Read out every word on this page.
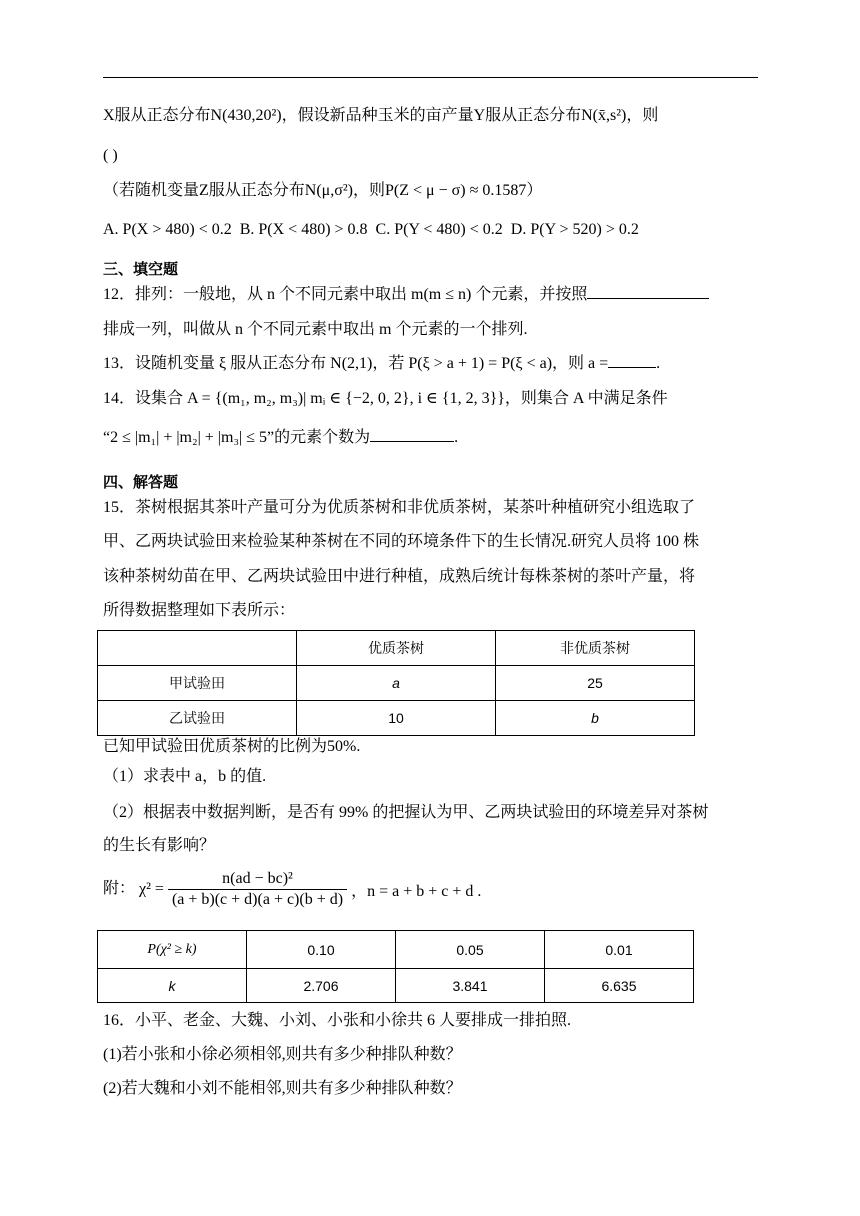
X服从正态分布N(430,20²)，假设新品种玉米的亩产量Y服从正态分布N(x̄,s²)，则
( )
（若随机变量Z服从正态分布N(μ,σ²)，则P(Z < μ − σ) ≈ 0.1587）
A. P(X > 480) < 0.2 B. P(X < 480) > 0.8 C. P(Y < 480) < 0.2 D. P(Y > 520) > 0.2
三、填空题
12．排列：一般地，从 n 个不同元素中取出 m(m ≤ n) 个元素，并按照
排成一列，叫做从 n 个不同元素中取出 m 个元素的一个排列.
13．设随机变量 ξ 服从正态分布 N(2,1)，若 P(ξ > a + 1) = P(ξ < a)，则 a =	.
14．设集合 A = {(m₁, m₂, m₃)| mᵢ ∈ {−2, 0, 2}, i ∈ {1, 2, 3}}，则集合 A 中满足条件
“2 ≤ |m₁| + |m₂| + |m₃| ≤ 5”的元素个数为	.
四、解答题
15．茶树根据其茶叶产量可分为优质茶树和非优质茶树，某茶叶种植研究小组选取了
甲、乙两块试验田来检验某种茶树在不同的环境条件下的生长情况.研究人员将 100 株
该种茶树幼苗在甲、乙两块试验田中进行种植，成熟后统计每株茶树的茶叶产量，将
所得数据整理如下表所示：
	优质茶树	非优质茶树
甲试验田	a	25
乙试验田	10	b
已知甲试验田优质茶树的比例为50%.
（1）求表中 a，b 的值.
（2）根据表中数据判断，是否有 99% 的把握认为甲、乙两块试验田的环境差异对茶树
的生长有影响？
附： $\chi^2 = \frac{\text{n(ad − bc)²}}{(a + b)(c + d)(a + c)(b + d)}$ ，n = a + b + c + d .
P(χ² ≥ k)	0.10	0.05	0.01
k	2.706	3.841	6.635
16．小平、老金、大魏、小刘、小张和小徐共 6 人要排成一排拍照.
(1)若小张和小徐必须相邻,则共有多少种排队种数？
(2)若大魏和小刘不能相邻,则共有多少种排队种数？
